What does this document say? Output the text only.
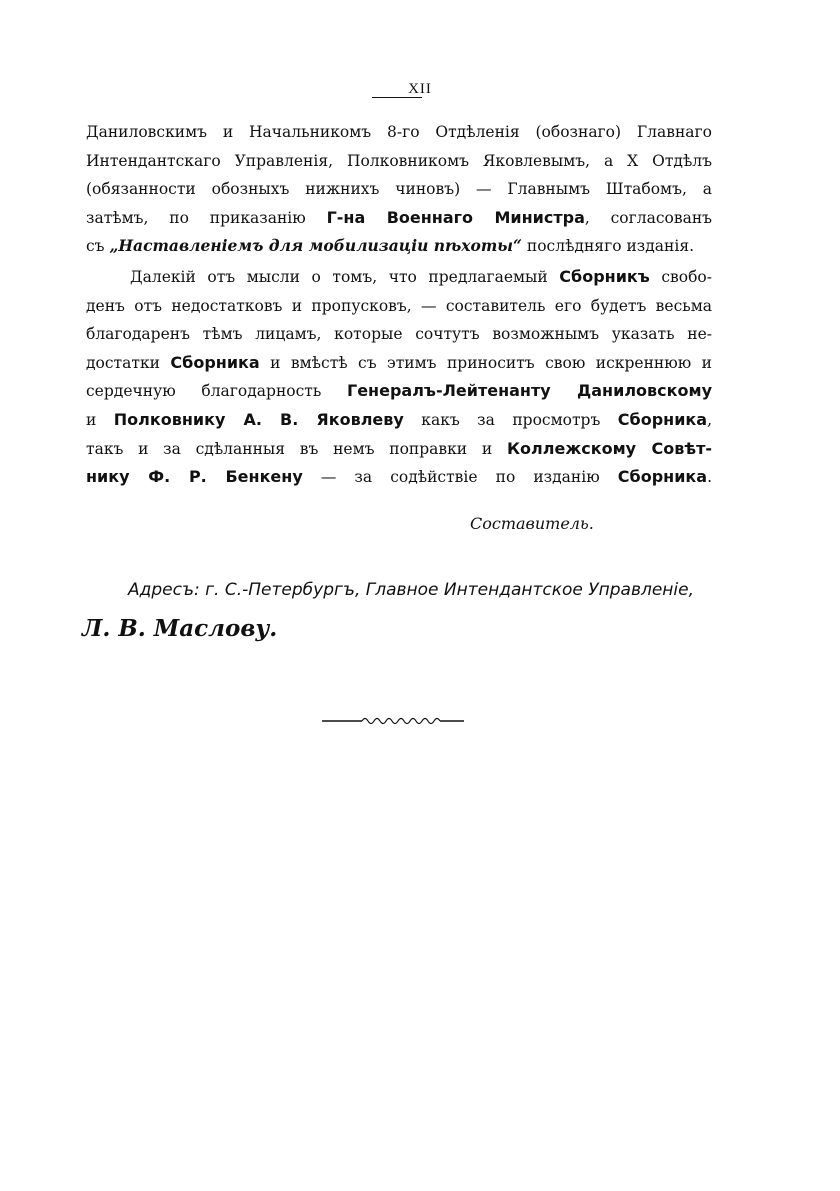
XII
Даниловскимъ и Начальникомъ 8-го Отдѣленія (обознаго) Главнаго
Интендантскаго Управленія, Полковникомъ Яковлевымъ, а X Отдѣлъ
(обязанности обозныхъ нижнихъ чиновъ) — Главнымъ Штабомъ, а
затѣмъ, по приказанію Г-на Военнаго Министра, согласованъ
съ „Наставленіемъ для мобилизаціи пѣхоты“ послѣдняго изданія.
Далекій отъ мысли о томъ, что предлагаемый Сборникъ свобо-
денъ отъ недостатковъ и пропусковъ, — составитель его будетъ весьма
благодаренъ тѣмъ лицамъ, которые сочтутъ возможнымъ указать не-
достатки Сборника и вмѣстѣ съ этимъ приноситъ свою искреннюю и
сердечную благодарность Генералъ-Лейтенанту Даниловскому
и Полковнику А. В. Яковлеву какъ за просмотръ Сборника,
такъ и за сдѣланныя въ немъ поправки и Коллежскому Совѣт-
нику Ф. Р. Бенкену — за содѣйствіе по изданію Сборника.
Составитель.
Адресъ: г. С.-Петербургъ, Главное Интендантское Управленіе,
Л. В. Маслову.
